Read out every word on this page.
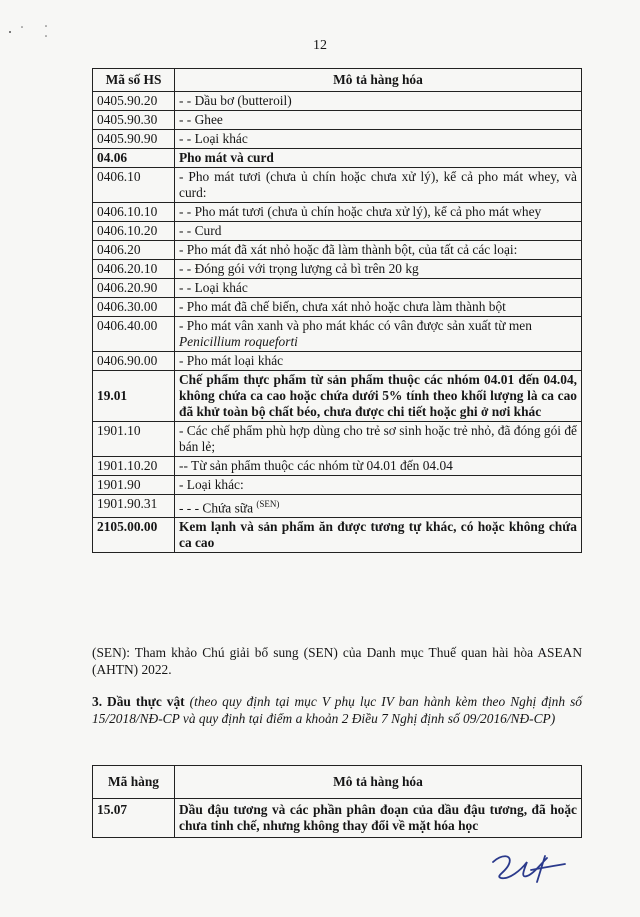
12
Mã số HS	Mô tả hàng hóa
0405.90.20	- - Dầu bơ (butteroil)
0405.90.30	- - Ghee
0405.90.90	- - Loại khác
04.06	Pho mát và curd
0406.10	- Pho mát tươi (chưa ủ chín hoặc chưa xử lý), kể cả pho mát whey, và curd:
0406.10.10	- - Pho mát tươi (chưa ủ chín hoặc chưa xử lý), kể cả pho mát whey
0406.10.20	- - Curd
0406.20	- Pho mát đã xát nhỏ hoặc đã làm thành bột, của tất cả các loại:
0406.20.10	- - Đóng gói với trọng lượng cả bì trên 20 kg
0406.20.90	- - Loại khác
0406.30.00	- Pho mát đã chế biến, chưa xát nhỏ hoặc chưa làm thành bột
0406.40.00	- Pho mát vân xanh và pho mát khác có vân được sản xuất từ men
Penicillium roqueforti
0406.90.00	- Pho mát loại khác
19.01	Chế phẩm thực phẩm từ sản phẩm thuộc các nhóm 04.01 đến 04.04, không chứa ca cao hoặc chứa dưới 5% tính theo khối lượng là ca cao đã khử toàn bộ chất béo, chưa được chi tiết hoặc ghi ở nơi khác
1901.10	- Các chế phẩm phù hợp dùng cho trẻ sơ sinh hoặc trẻ nhỏ, đã đóng gói để bán lẻ;
1901.10.20	-- Từ sản phẩm thuộc các nhóm từ 04.01 đến 04.04
1901.90	- Loại khác:
1901.90.31	- - - Chứa sữa $^{(SEN)}$
2105.00.00	Kem lạnh và sản phẩm ăn được tương tự khác, có hoặc không chứa ca cao
(SEN): Tham khảo Chú giải bổ sung (SEN) của Danh mục Thuế quan hài hòa ASEAN (AHTN) 2022.
3. Dầu thực vật (theo quy định tại mục V phụ lục IV ban hành kèm theo Nghị định số 15/2018/NĐ-CP và quy định tại điểm a khoản 2 Điều 7 Nghị định số 09/2016/NĐ-CP)
Mã hàng	Mô tả hàng hóa
15.07	Dầu đậu tương và các phần phân đoạn của dầu đậu tương, đã hoặc chưa tinh chế, nhưng không thay đổi về mặt hóa học
